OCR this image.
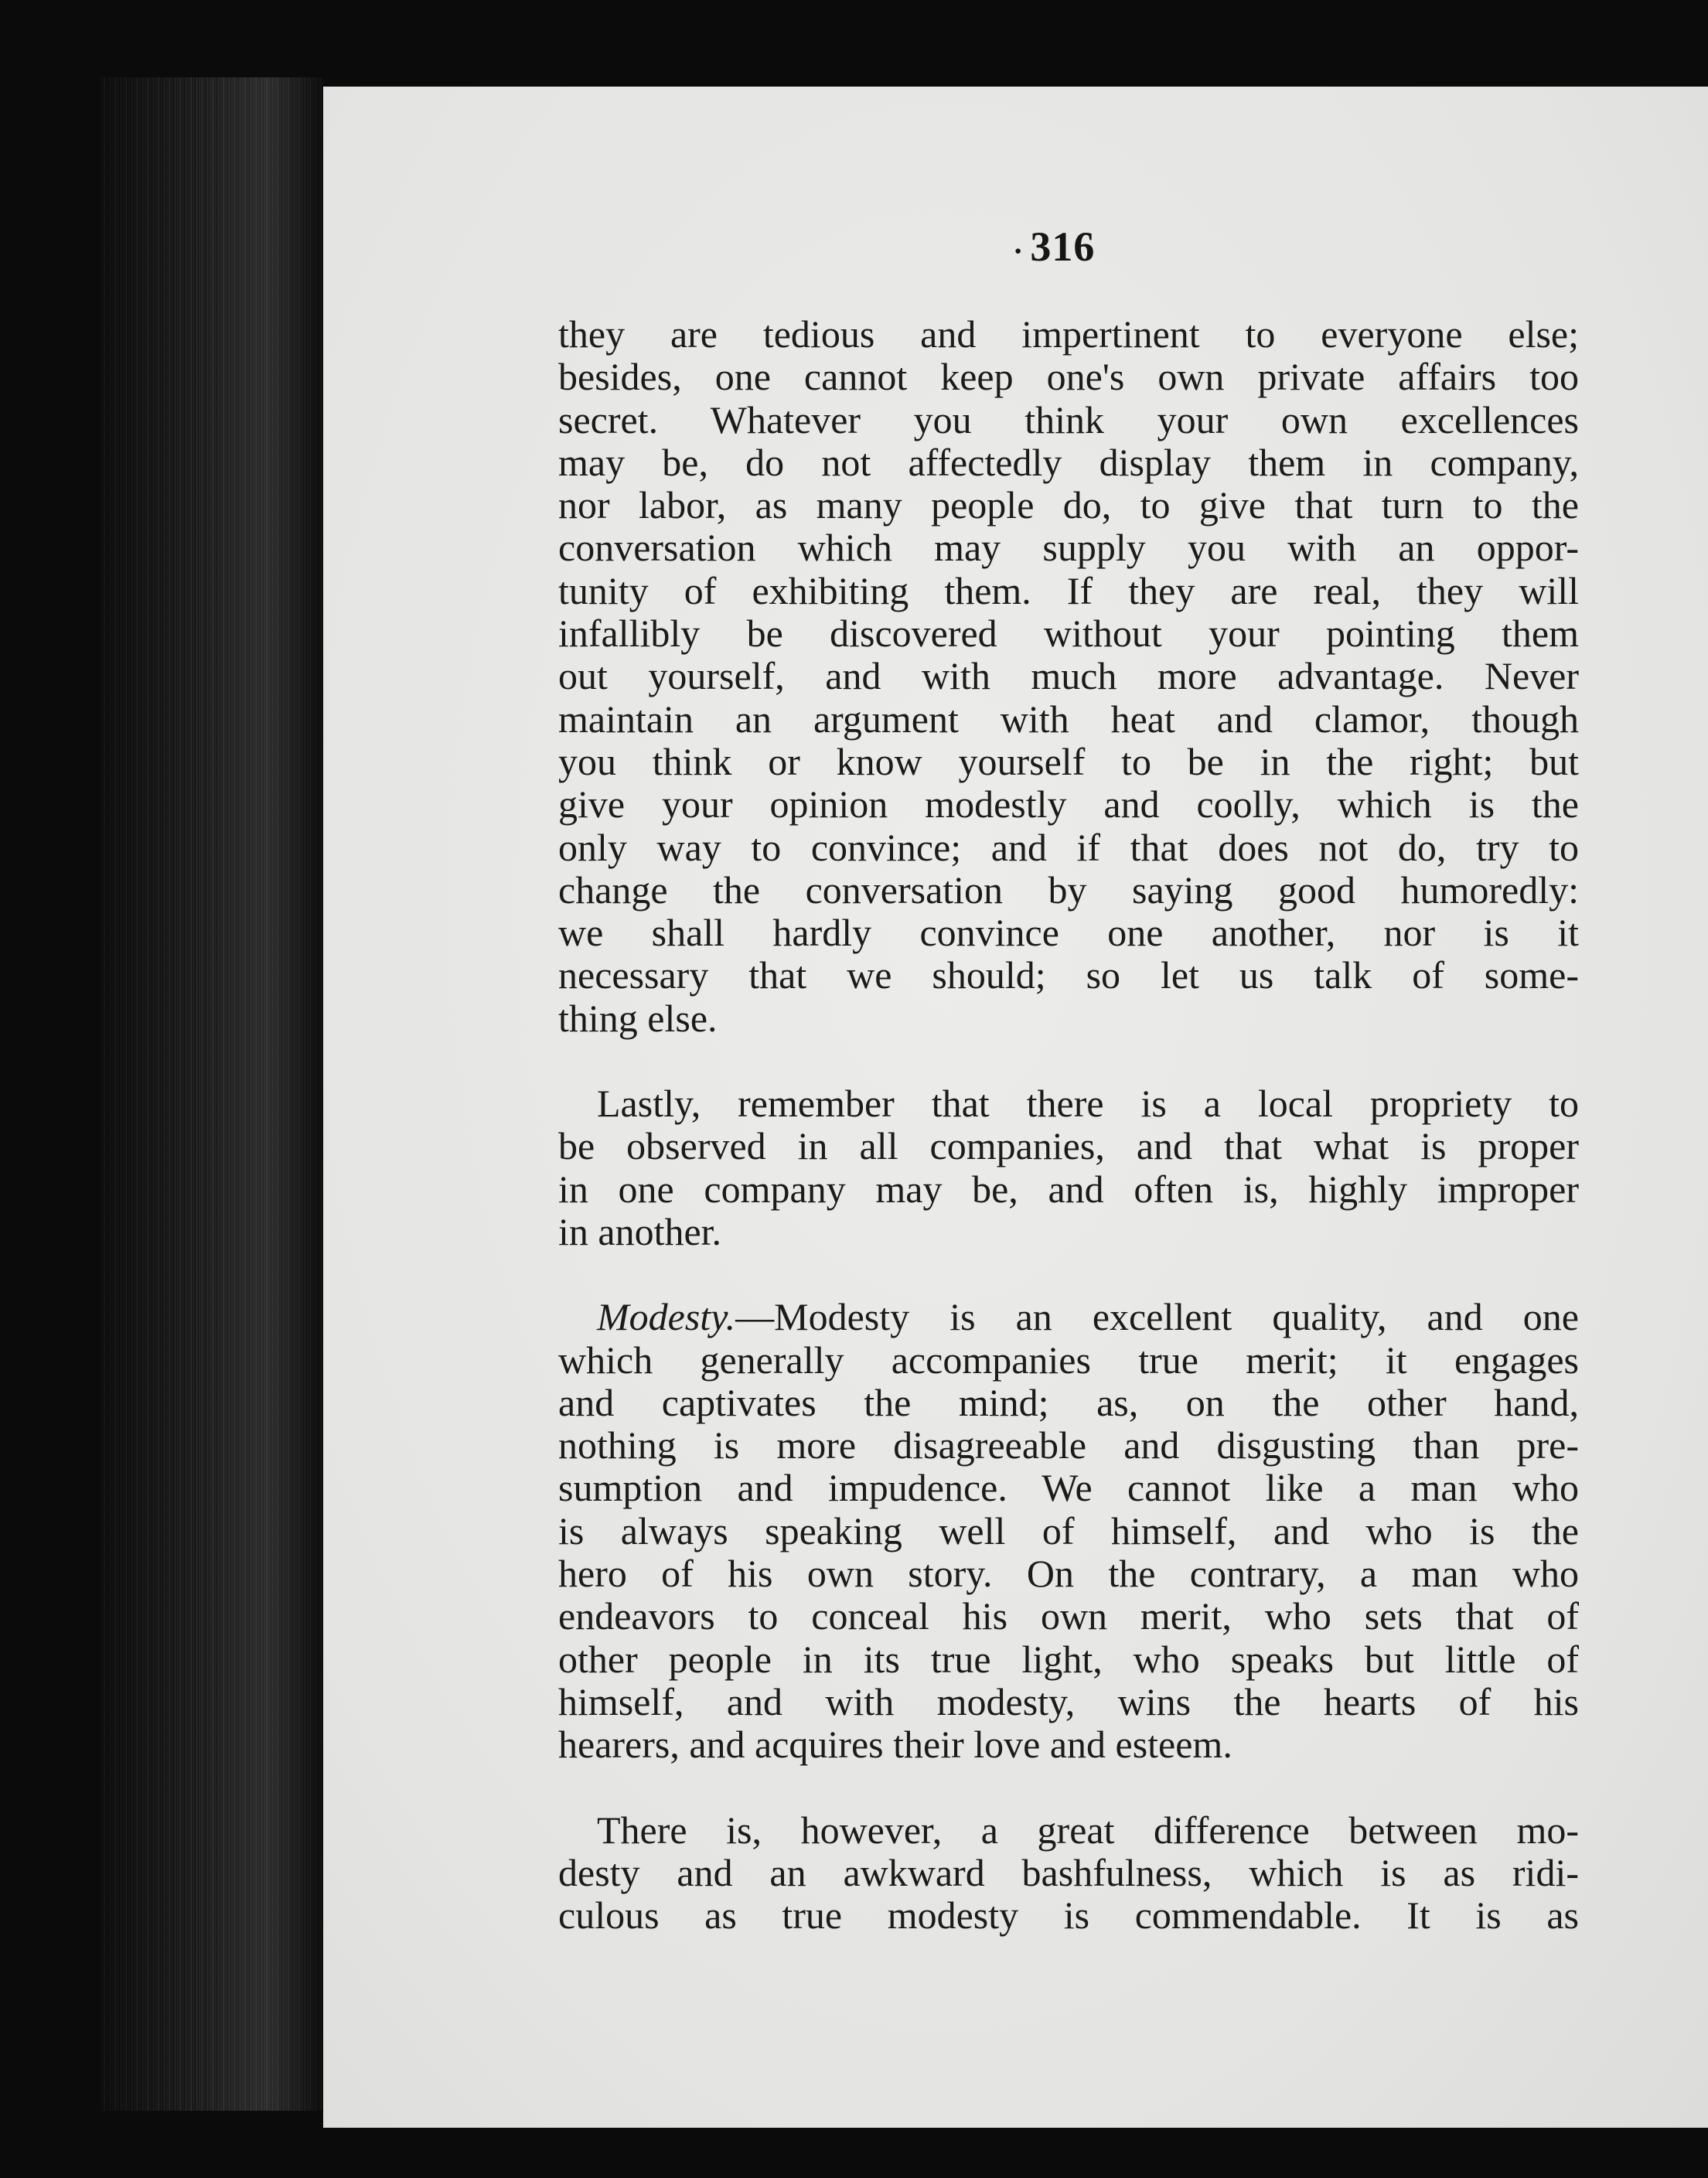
· 316
they are tedious and impertinent to everyone else;
besides, one cannot keep one's own private affairs too
secret. Whatever you think your own excellences
may be, do not affectedly display them in company,
nor labor, as many people do, to give that turn to the
conversation which may supply you with an oppor-
tunity of exhibiting them. If they are real, they will
infallibly be discovered without your pointing them
out yourself, and with much more advantage. Never
maintain an argument with heat and clamor, though
you think or know yourself to be in the right; but
give your opinion modestly and coolly, which is the
only way to convince; and if that does not do, try to
change the conversation by saying good humoredly:
we shall hardly convince one another, nor is it
necessary that we should; so let us talk of some-
thing else.
Lastly, remember that there is a local propriety to
be observed in all companies, and that what is proper
in one company may be, and often is, highly improper
in another.
Modesty.—Modesty is an excellent quality, and one
which generally accompanies true merit; it engages
and captivates the mind; as, on the other hand,
nothing is more disagreeable and disgusting than pre-
sumption and impudence. We cannot like a man who
is always speaking well of himself, and who is the
hero of his own story. On the contrary, a man who
endeavors to conceal his own merit, who sets that of
other people in its true light, who speaks but little of
himself, and with modesty, wins the hearts of his
hearers, and acquires their love and esteem.
There is, however, a great difference between mo-
desty and an awkward bashfulness, which is as ridi-
culous as true modesty is commendable. It is as
